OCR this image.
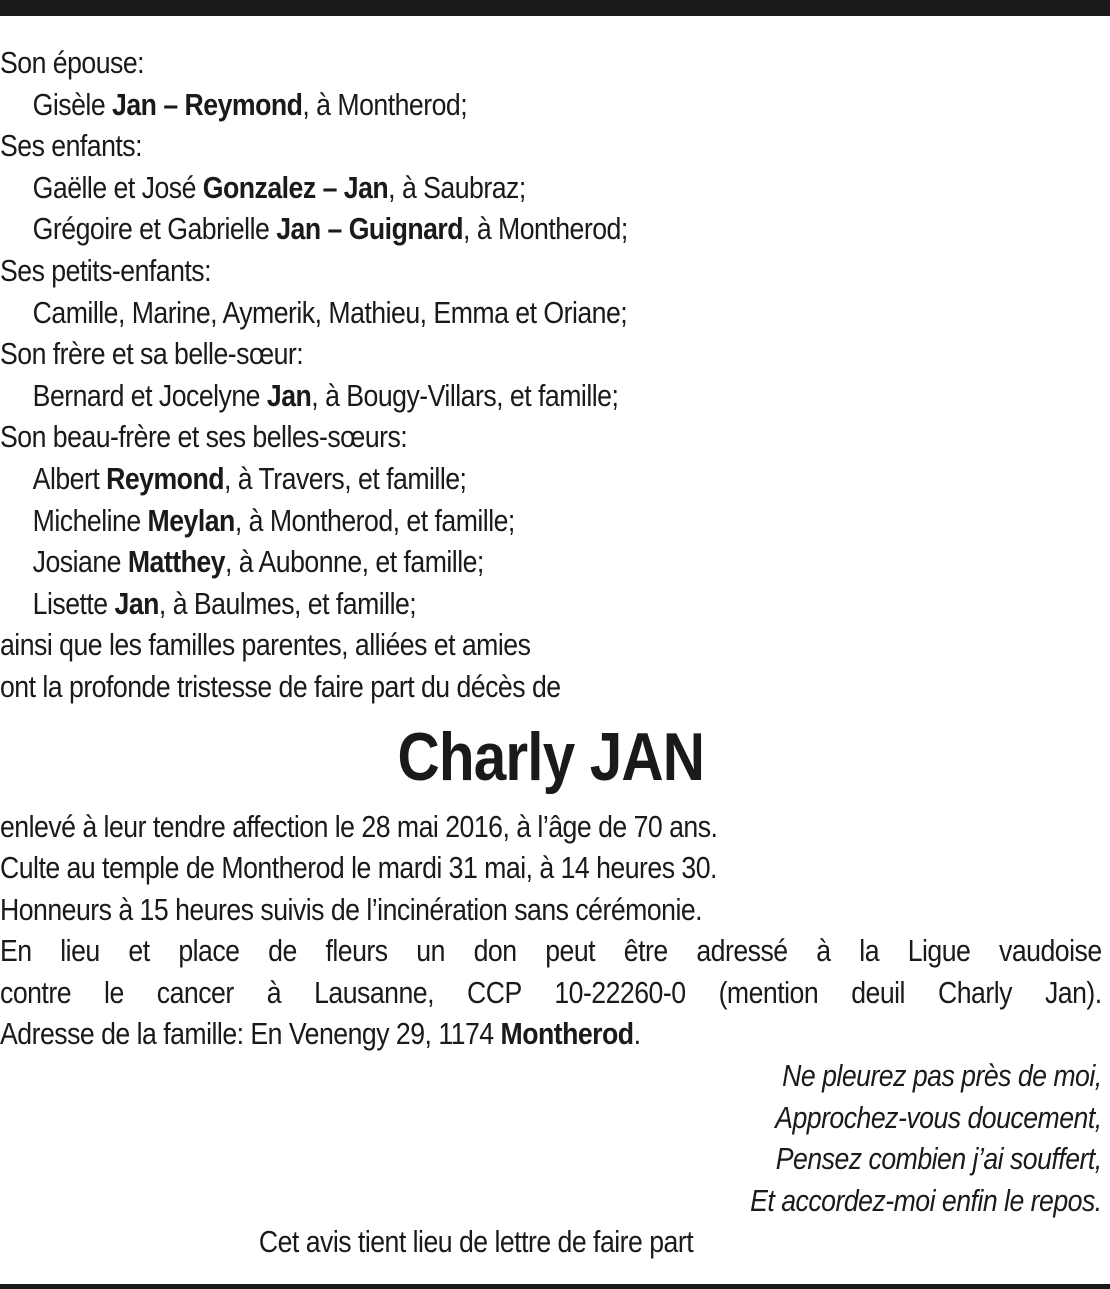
Son épouse:
Gisèle Jan – Reymond, à Montherod;
Ses enfants:
Gaëlle et José Gonzalez – Jan, à Saubraz;
Grégoire et Gabrielle Jan – Guignard, à Montherod;
Ses petits-enfants:
Camille, Marine, Aymerik, Mathieu, Emma et Oriane;
Son frère et sa belle-sœur:
Bernard et Jocelyne Jan, à Bougy-Villars, et famille;
Son beau-frère et ses belles-sœurs:
Albert Reymond, à Travers, et famille;
Micheline Meylan, à Montherod, et famille;
Josiane Matthey, à Aubonne, et famille;
Lisette Jan, à Baulmes, et famille;
ainsi que les familles parentes, alliées et amies
ont la profonde tristesse de faire part du décès de
Charly JAN
enlevé à leur tendre affection le 28 mai 2016, à l’âge de 70 ans.
Culte au temple de Montherod le mardi 31 mai, à 14 heures 30.
Honneurs à 15 heures suivis de l’incinération sans cérémonie.
En lieu et place de fleurs un don peut être adressé à la Ligue vaudoise
contre le cancer à Lausanne, CCP 10-22260-0 (mention deuil Charly Jan).
Adresse de la famille: En Venengy 29, 1174 Montherod.
Ne pleurez pas près de moi,
Approchez-vous doucement,
Pensez combien j’ai souffert,
Et accordez-moi enfin le repos.
Cet avis tient lieu de lettre de faire part
